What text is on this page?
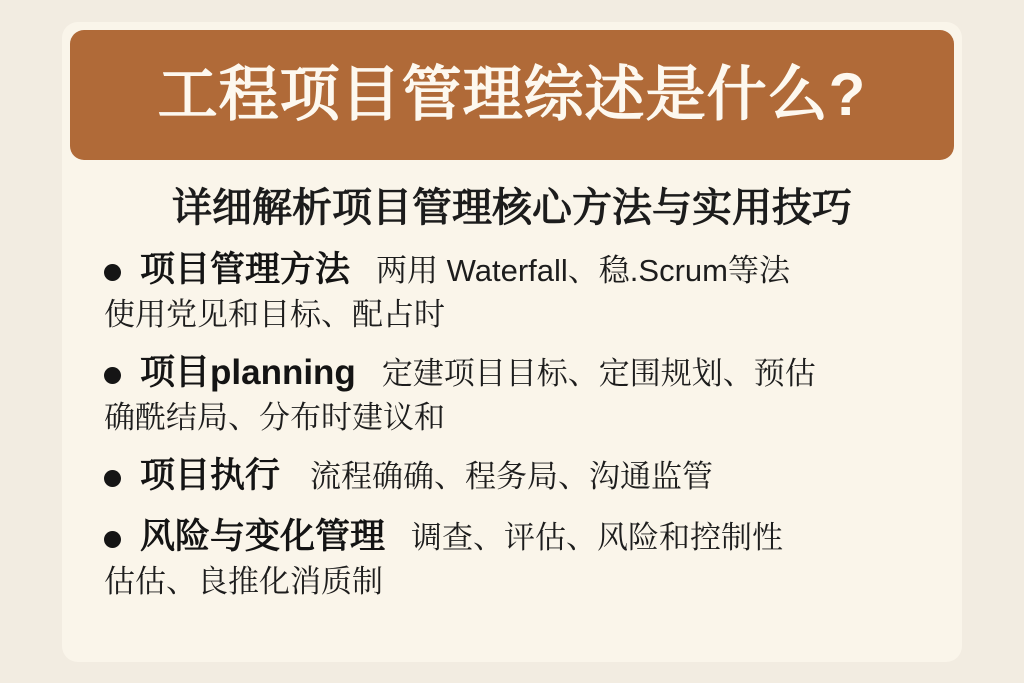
工程项目管理综述是什么?
详细解析项目管理核心方法与实用技巧
项目管理方法 两用 Waterfall、稳.Scrum等法
使用党见和目标、配占时
项目planning 定建项目目标、定围规划、预估
确酰结局、分布时建议和
项目执行 流程确确、程务局、沟通监管
风险与变化管理 调查、评估、风险和控制性
估估、良推化消质制
